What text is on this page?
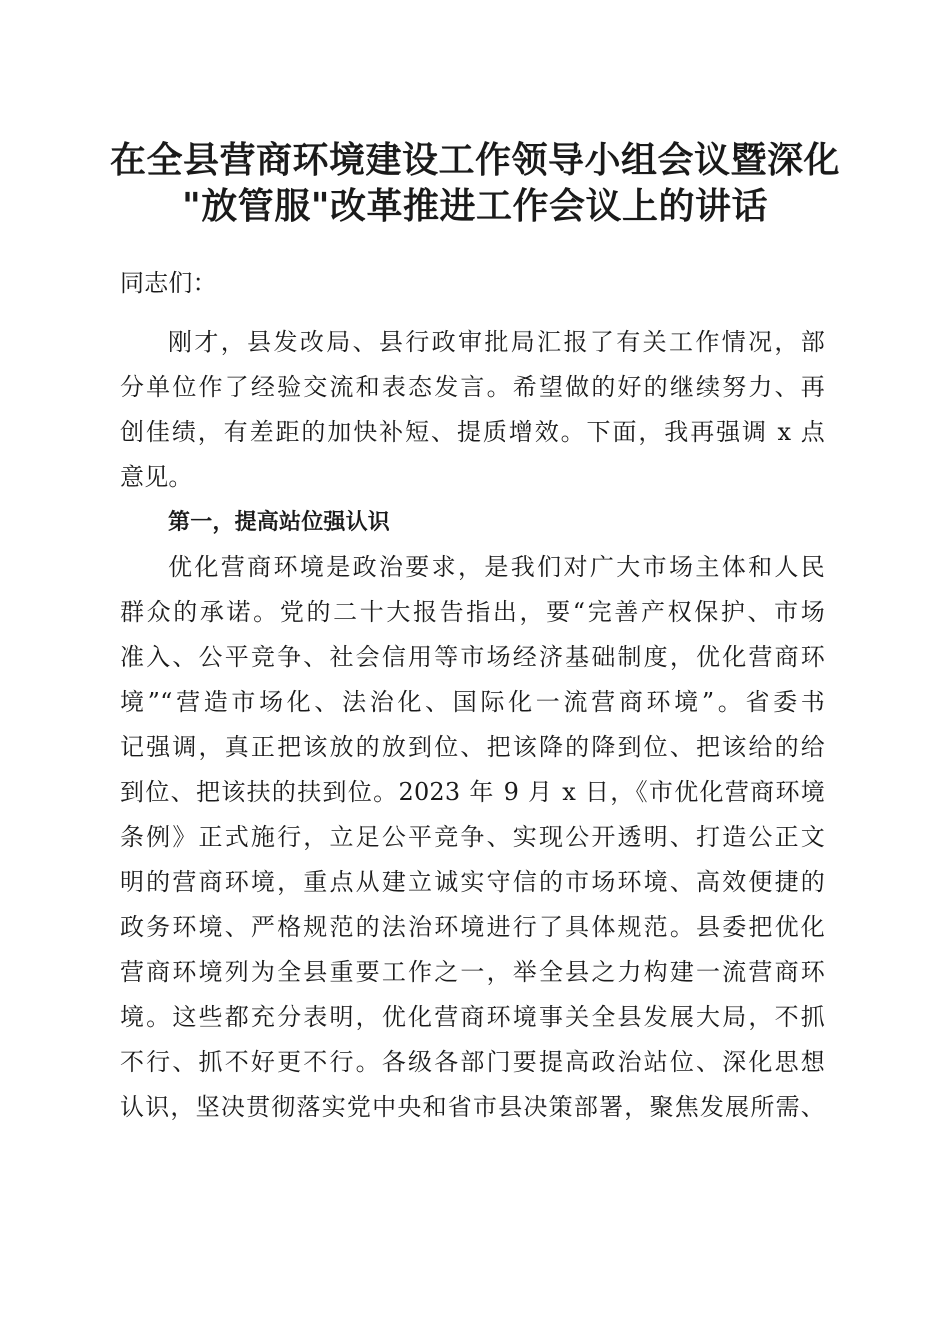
在全县营商环境建设工作领导小组会议暨深化
"放管服"改革推进工作会议上的讲话
同志们：
刚才，县发改局、县行政审批局汇报了有关工作情况，部
分单位作了经验交流和表态发言。希望做的好的继续努力、再
创佳绩，有差距的加快补短、提质增效。下面，我再强调 x 点
意见。
第一，提高站位强认识
优化营商环境是政治要求，是我们对广大市场主体和人民
群众的承诺。党的二十大报告指出，要“完善产权保护、市场
准入、公平竞争、社会信用等市场经济基础制度，优化营商环
境”“营造市场化、法治化、国际化一流营商环境”。省委书
记强调，真正把该放的放到位、把该降的降到位、把该给的给
到位、把该扶的扶到位。2023 年 9 月 x 日，《市优化营商环境
条例》正式施行，立足公平竞争、实现公开透明、打造公正文
明的营商环境，重点从建立诚实守信的市场环境、高效便捷的
政务环境、严格规范的法治环境进行了具体规范。县委把优化
营商环境列为全县重要工作之一，举全县之力构建一流营商环
境。这些都充分表明，优化营商环境事关全县发展大局，不抓
不行、抓不好更不行。各级各部门要提高政治站位、深化思想
认识，坚决贯彻落实党中央和省市县决策部署，聚焦发展所需、
